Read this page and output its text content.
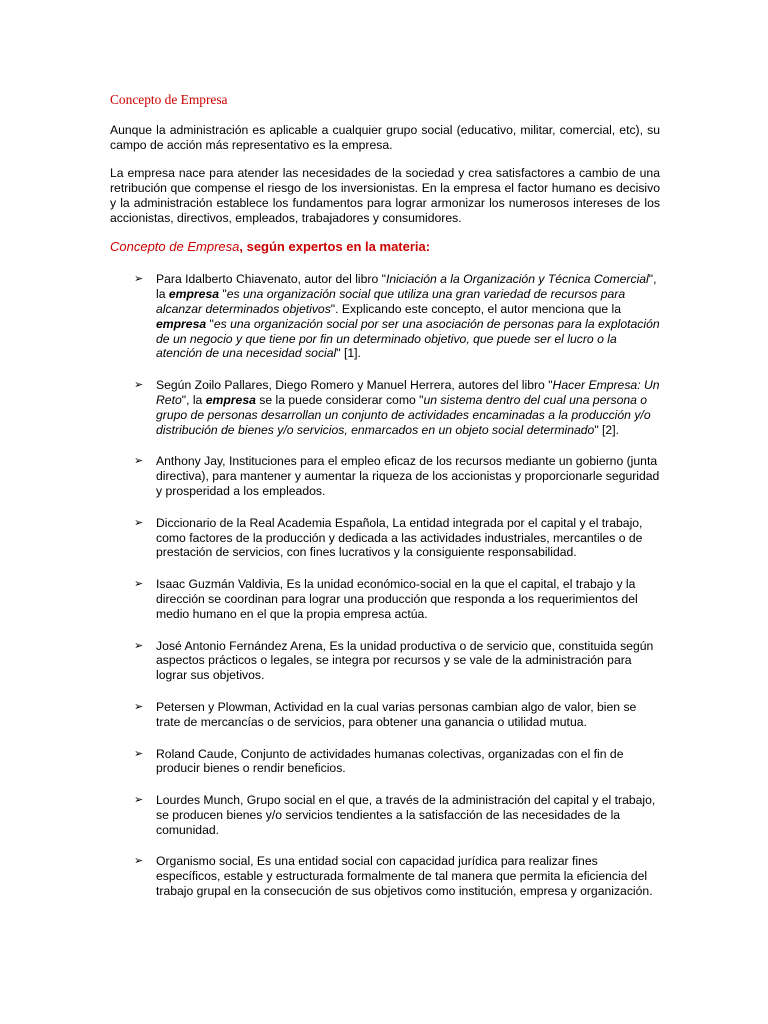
Concepto de Empresa

Aunque la administración es aplicable a cualquier grupo social (educativo, militar, comercial, etc), su campo de acción más representativo es la empresa.

La empresa nace para atender las necesidades de la sociedad y crea satisfactores a cambio de una retribución que compense el riesgo de los inversionistas. En la empresa el factor humano es decisivo y la administración establece los fundamentos para lograr armonizar los numerosos intereses de los accionistas, directivos, empleados, trabajadores y consumidores.

Concepto de Empresa, según expertos en la materia:
➢ Para Idalberto Chiavenato, autor del libro "Iniciación a la Organización y Técnica Comercial", la empresa "es una organización social que utiliza una gran variedad de recursos para alcanzar determinados objetivos". Explicando este concepto, el autor menciona que la empresa "es una organización social por ser una asociación de personas para la explotación de un negocio y que tiene por fin un determinado objetivo, que puede ser el lucro o la atención de una necesidad social" [1].
➢ Según Zoilo Pallares, Diego Romero y Manuel Herrera, autores del libro "Hacer Empresa: Un Reto", la empresa se la puede considerar como "un sistema dentro del cual una persona o grupo de personas desarrollan un conjunto de actividades encaminadas a la producción y/o distribución de bienes y/o servicios, enmarcados en un objeto social determinado" [2].
➢ Anthony Jay, Instituciones para el empleo eficaz de los recursos mediante un gobierno (junta directiva), para mantener y aumentar la riqueza de los accionistas y proporcionarle seguridad y prosperidad a los empleados.
➢ Diccionario de la Real Academia Española, La entidad integrada por el capital y el trabajo, como factores de la producción y dedicada a las actividades industriales, mercantiles o de prestación de servicios, con fines lucrativos y la consiguiente responsabilidad.
➢ Isaac Guzmán Valdivia, Es la unidad económico-social en la que el capital, el trabajo y la dirección se coordinan para lograr una producción que responda a los requerimientos del medio humano en el que la propia empresa actúa.
➢ José Antonio Fernández Arena, Es la unidad productiva o de servicio que, constituida según aspectos prácticos o legales, se integra por recursos y se vale de la administración para lograr sus objetivos.
➢ Petersen y Plowman, Actividad en la cual varias personas cambian algo de valor, bien se trate de mercancías o de servicios, para obtener una ganancia o utilidad mutua.
➢ Roland Caude, Conjunto de actividades humanas colectivas, organizadas con el fin de producir bienes o rendir beneficios.
➢ Lourdes Munch, Grupo social en el que, a través de la administración del capital y el trabajo, se producen bienes y/o servicios tendientes a la satisfacción de las necesidades de la comunidad.
➢ Organismo social, Es una entidad social con capacidad jurídica para realizar fines específicos, estable y estructurada formalmente de tal manera que permita la eficiencia del trabajo grupal en la consecución de sus objetivos como institución, empresa y organización.
